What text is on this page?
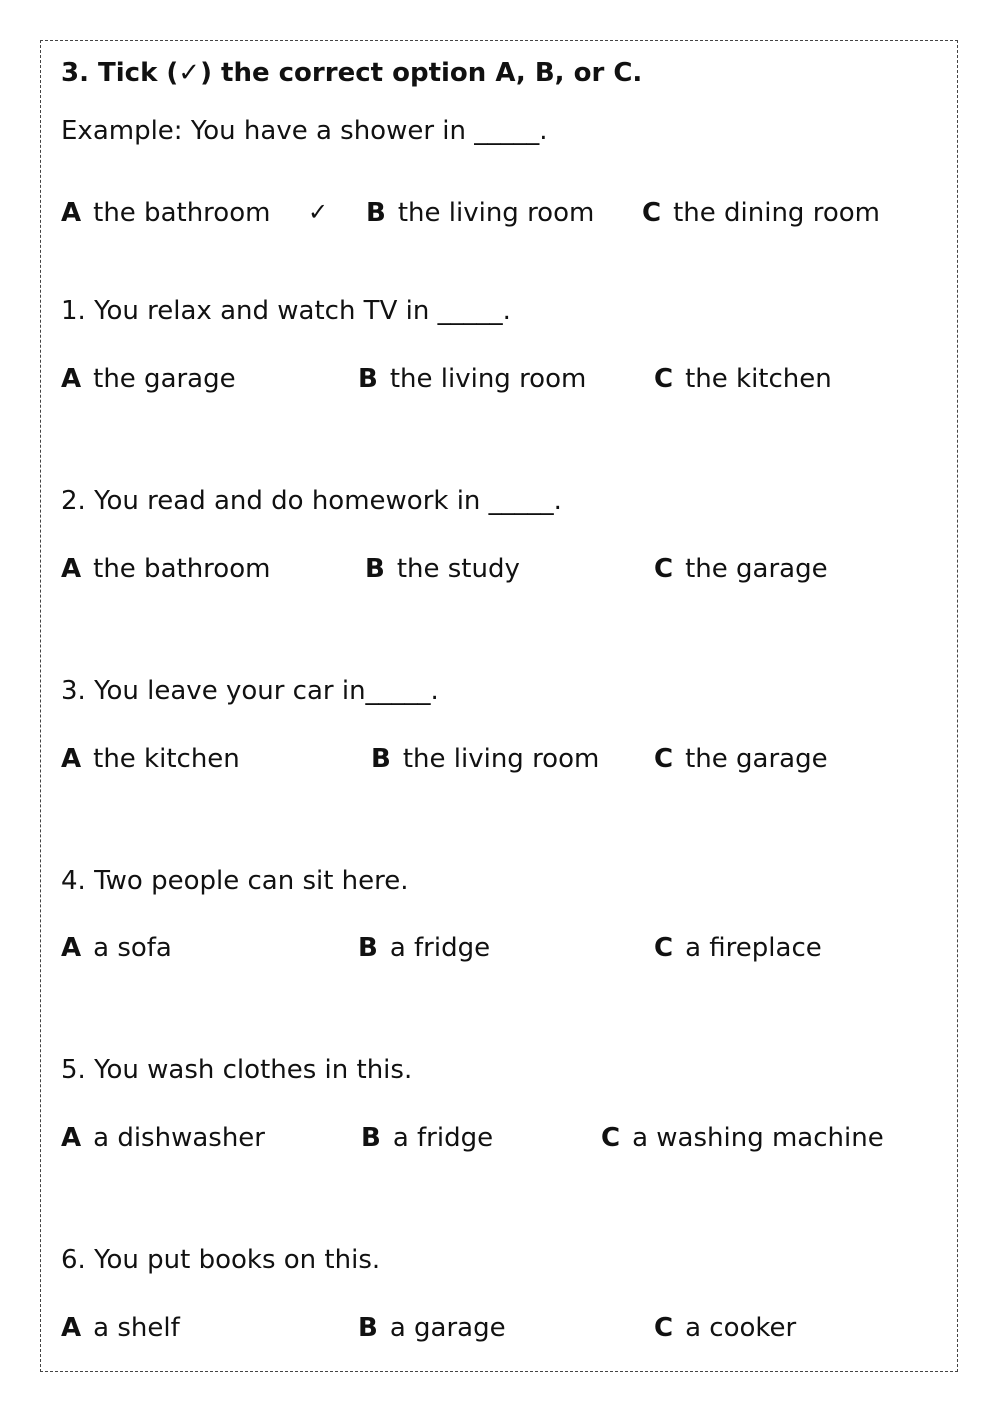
3. Tick (✓) the correct option A, B, or C.
Example: You have a shower in _____.
A the bathroom ✓ B the living room C the dining room
1. You relax and watch TV in _____.
A the garage	B the living room	C the kitchen
2. You read and do homework in _____.
A the bathroom	B the study	C the garage
3. You leave your car in_____.
A the kitchen	B the living room C the garage
4. Two people can sit here.
A a sofa	B a fridge	C a fireplace
5. You wash clothes in this.
A a dishwasher	B a fridge	C a washing machine
6. You put books on this.
A a shelf	B a garage	C a cooker
